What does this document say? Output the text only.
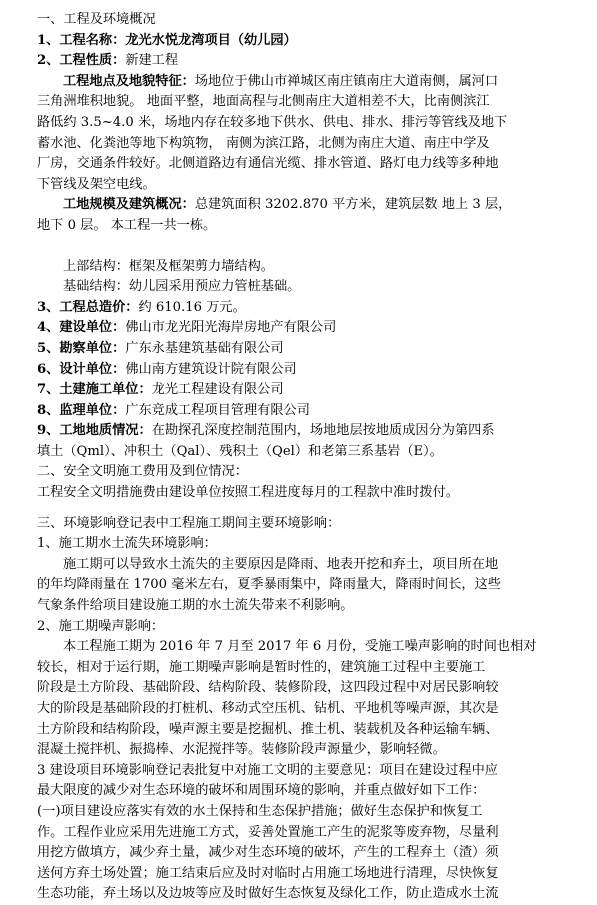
一、工程及环境概况
1、工程名称：龙光水悦龙湾项目（幼儿园）
2、工程性质：新建工程
工程地点及地貌特征：场地位于佛山市禅城区南庄镇南庄大道南侧，属河口
三角洲堆积地貌。 地面平整，地面高程与北侧南庄大道相差不大，比南侧滨江
路低约 3.5~4.0 米，场地内存在较多地下供水、供电、排水、排污等管线及地下
蓄水池、化粪池等地下构筑物， 南侧为滨江路，北侧为南庄大道、南庄中学及
厂房，交通条件较好。北侧道路边有通信光缆、排水管道、路灯电力线等多种地
下管线及架空电线。
工地规模及建筑概况：总建筑面积 3202.870 平方米，建筑层数 地上 3 层，
地下 0 层。 本工程一共一栋。
上部结构：框架及框架剪力墙结构。
基础结构：幼儿园采用预应力管桩基础。
3、工程总造价：约 610.16 万元。
4、建设单位：佛山市龙光阳光海岸房地产有限公司
5、勘察单位：广东永基建筑基础有限公司
6、设计单位：佛山南方建筑设计院有限公司
7、土建施工单位：龙光工程建设有限公司
8、监理单位：广东竞成工程项目管理有限公司
9、工地地质情况：在勘探孔深度控制范围内，场地地层按地质成因分为第四系
填土（Qml）、冲积土（Qal）、残积土（Qel）和老第三系基岩（E）。
二、安全文明施工费用及到位情况：
工程安全文明措施费由建设单位按照工程进度每月的工程款中准时拨付。
三、环境影响登记表中工程施工期间主要环境影响：
1、施工期水土流失环境影响：
施工期可以导致水土流失的主要原因是降雨、地表开挖和弃土，项目所在地
的年均降雨量在 1700 毫米左右，夏季暴雨集中，降雨量大，降雨时间长，这些
气象条件给项目建设施工期的水土流失带来不利影响。
2、施工期噪声影响：
本工程施工期为 2016 年 7 月至 2017 年 6 月份，受施工噪声影响的时间也相对
较长，相对于运行期，施工期噪声影响是暂时性的，建筑施工过程中主要施工
阶段是土方阶段、基础阶段、结构阶段、装修阶段，这四段过程中对居民影响较
大的阶段是基础阶段的打桩机、移动式空压机、钻机、平地机等噪声源，其次是
土方阶段和结构阶段，噪声源主要是挖掘机、推土机、装载机及各种运输车辆、
混凝土搅拌机、振捣棒、水泥搅拌等。装修阶段声源量少，影响轻微。
3 建设项目环境影响登记表批复中对施工文明的主要意见：项目在建设过程中应
最大限度的减少对生态环境的破坏和周围环境的影响，并重点做好如下工作：
(一)项目建设应落实有效的水土保持和生态保护措施；做好生态保护和恢复工
作。工程作业应采用先进施工方式，妥善处置施工产生的泥浆等废弃物，尽量利
用挖方做填方，减少弃土量，减少对生态环境的破坏，产生的工程弃土（渣）须
送何方弃土场处置；施工结束后应及时对临时占用施工场地进行清理，尽快恢复
生态功能，弃土场以及边坡等应及时做好生态恢复及绿化工作，防止造成水土流
